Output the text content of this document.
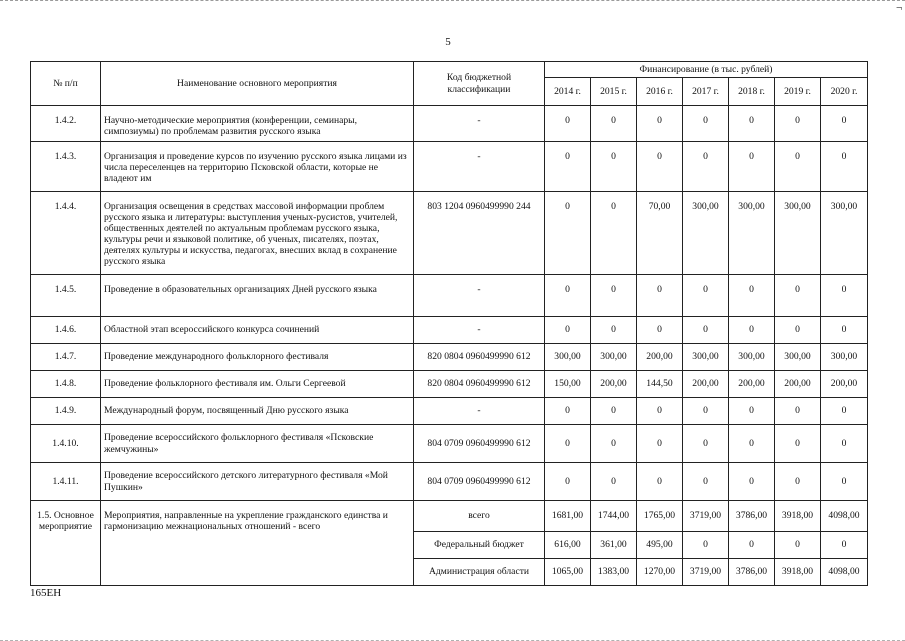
¬
5
№ п/п	Наименование основного мероприятия	Код бюджетной классификации	Финансирование (в тыс. рублей)						
			2014 г.	2015 г.	2016 г.	2017 г.	2018 г.	2019 г.	2020 г.
1.4.2.	Научно-методические мероприятия (конференции, семинары, симпозиумы) по проблемам развития русского языка	-	0	0	0	0	0	0	0
1.4.3.	Организация и проведение курсов по изучению русского языка лицами из числа переселенцев на территорию Псковской области, которые не владеют им	-	0	0	0	0	0	0	0
1.4.4.	Организация освещения в средствах массовой информации проблем русского языка и литературы: выступления ученых-русистов, учителей, общественных деятелей по актуальным проблемам русского языка, культуры речи и языковой политике, об ученых, писателях, поэтах, деятелях культуры и искусства, педагогах, внесших вклад в сохранение русского языка	803 1204 0960499990 244	0	0	70,00	300,00	300,00	300,00	300,00
1.4.5.	Проведение в образовательных организациях Дней русского языка	-	0	0	0	0	0	0	0
1.4.6.	Областной этап всероссийского конкурса сочинений	-	0	0	0	0	0	0	0
1.4.7.	Проведение международного фольклорного фестиваля	820 0804 0960499990 612	300,00	300,00	200,00	300,00	300,00	300,00	300,00
1.4.8.	Проведение фольклорного фестиваля им. Ольги Сергеевой	820 0804 0960499990 612	150,00	200,00	144,50	200,00	200,00	200,00	200,00
1.4.9.	Международный форум, посвященный Дню русского языка	-	0	0	0	0	0	0	0
1.4.10.	Проведение всероссийского фольклорного фестиваля «Псковские жемчужины»	804 0709 0960499990 612	0	0	0	0	0	0	0
1.4.11.	Проведение всероссийского детского литературного фестиваля «Мой Пушкин»	804 0709 0960499990 612	0	0	0	0	0	0	0
1.5. Основное мероприятие	Мероприятия, направленные на укрепление гражданского единства и гармонизацию межнациональных отношений - всего	всего	1681,00	1744,00	1765,00	3719,00	3786,00	3918,00	4098,00
		Федеральный бюджет	616,00	361,00	495,00	0	0	0	0
		Администрация области	1065,00	1383,00	1270,00	3719,00	3786,00	3918,00	4098,00
165ЕН
